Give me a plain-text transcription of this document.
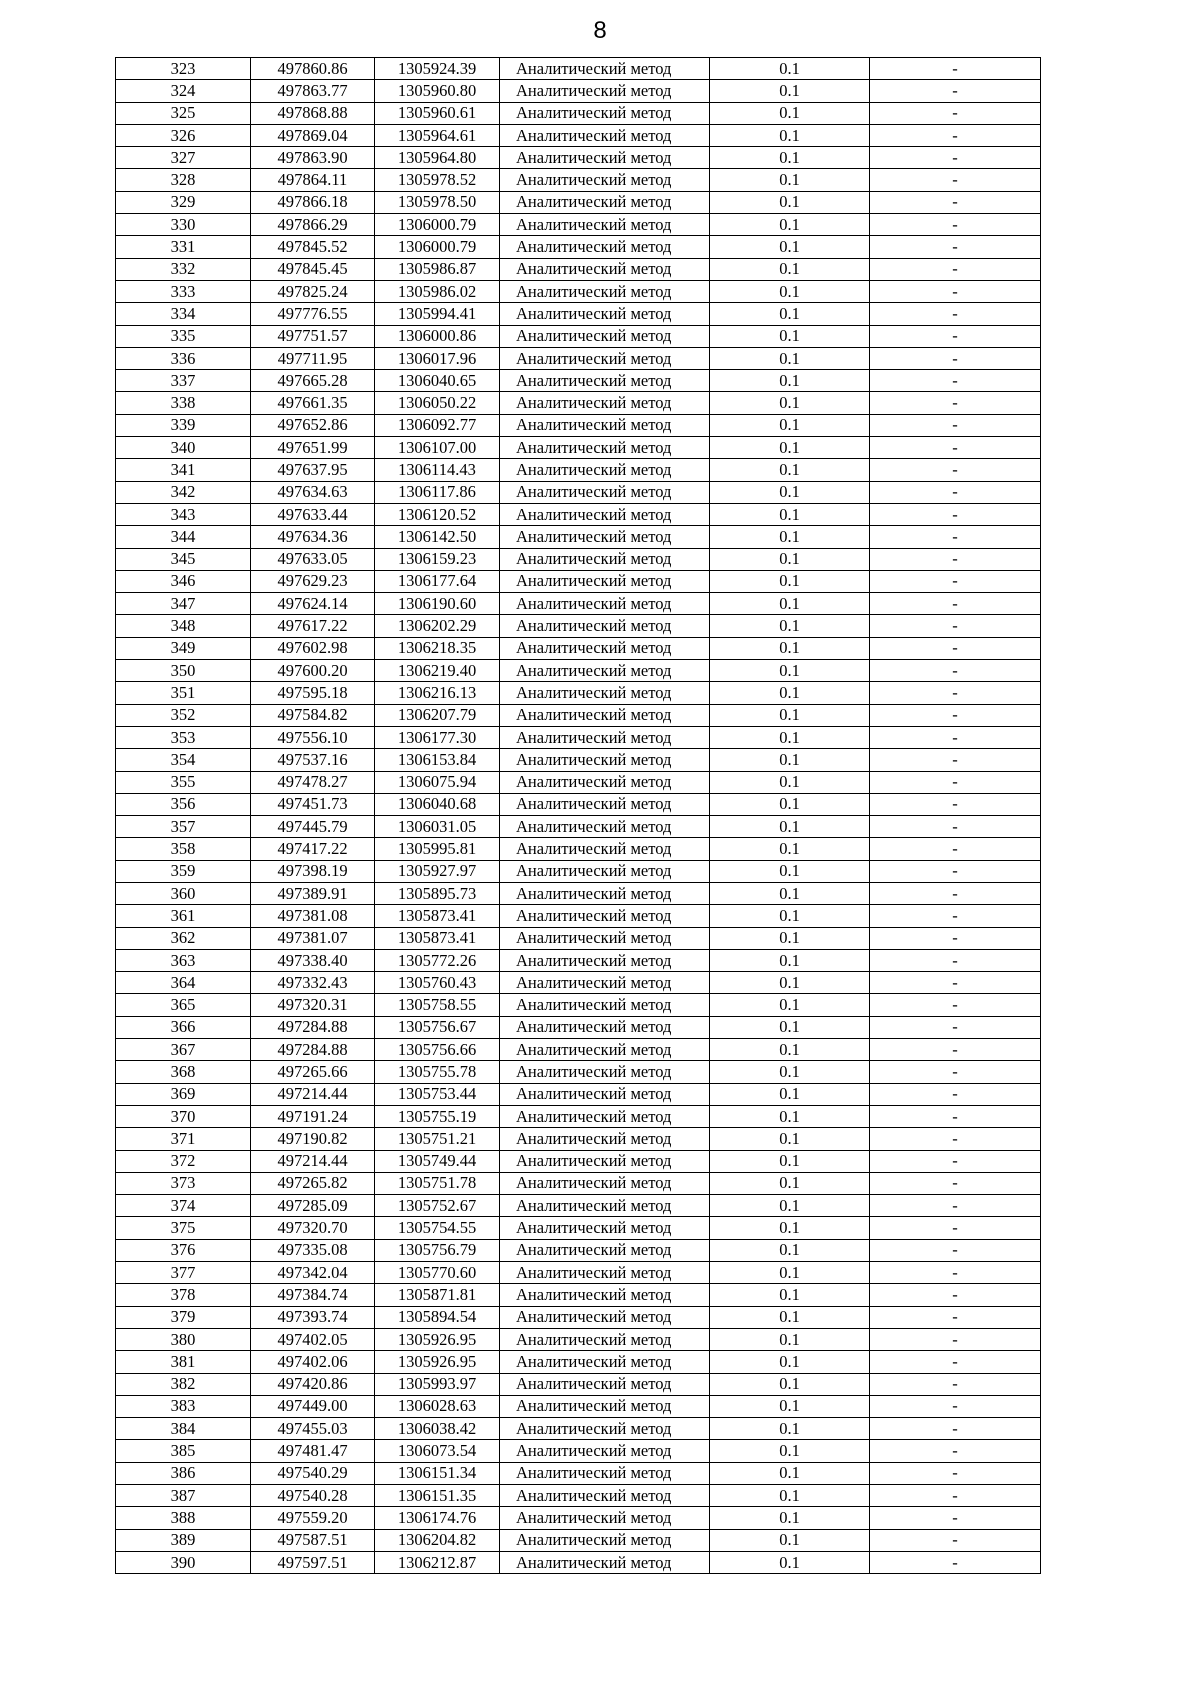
8
323	497860.86	1305924.39	Аналитический метод	0.1	-
324	497863.77	1305960.80	Аналитический метод	0.1	-
325	497868.88	1305960.61	Аналитический метод	0.1	-
326	497869.04	1305964.61	Аналитический метод	0.1	-
327	497863.90	1305964.80	Аналитический метод	0.1	-
328	497864.11	1305978.52	Аналитический метод	0.1	-
329	497866.18	1305978.50	Аналитический метод	0.1	-
330	497866.29	1306000.79	Аналитический метод	0.1	-
331	497845.52	1306000.79	Аналитический метод	0.1	-
332	497845.45	1305986.87	Аналитический метод	0.1	-
333	497825.24	1305986.02	Аналитический метод	0.1	-
334	497776.55	1305994.41	Аналитический метод	0.1	-
335	497751.57	1306000.86	Аналитический метод	0.1	-
336	497711.95	1306017.96	Аналитический метод	0.1	-
337	497665.28	1306040.65	Аналитический метод	0.1	-
338	497661.35	1306050.22	Аналитический метод	0.1	-
339	497652.86	1306092.77	Аналитический метод	0.1	-
340	497651.99	1306107.00	Аналитический метод	0.1	-
341	497637.95	1306114.43	Аналитический метод	0.1	-
342	497634.63	1306117.86	Аналитический метод	0.1	-
343	497633.44	1306120.52	Аналитический метод	0.1	-
344	497634.36	1306142.50	Аналитический метод	0.1	-
345	497633.05	1306159.23	Аналитический метод	0.1	-
346	497629.23	1306177.64	Аналитический метод	0.1	-
347	497624.14	1306190.60	Аналитический метод	0.1	-
348	497617.22	1306202.29	Аналитический метод	0.1	-
349	497602.98	1306218.35	Аналитический метод	0.1	-
350	497600.20	1306219.40	Аналитический метод	0.1	-
351	497595.18	1306216.13	Аналитический метод	0.1	-
352	497584.82	1306207.79	Аналитический метод	0.1	-
353	497556.10	1306177.30	Аналитический метод	0.1	-
354	497537.16	1306153.84	Аналитический метод	0.1	-
355	497478.27	1306075.94	Аналитический метод	0.1	-
356	497451.73	1306040.68	Аналитический метод	0.1	-
357	497445.79	1306031.05	Аналитический метод	0.1	-
358	497417.22	1305995.81	Аналитический метод	0.1	-
359	497398.19	1305927.97	Аналитический метод	0.1	-
360	497389.91	1305895.73	Аналитический метод	0.1	-
361	497381.08	1305873.41	Аналитический метод	0.1	-
362	497381.07	1305873.41	Аналитический метод	0.1	-
363	497338.40	1305772.26	Аналитический метод	0.1	-
364	497332.43	1305760.43	Аналитический метод	0.1	-
365	497320.31	1305758.55	Аналитический метод	0.1	-
366	497284.88	1305756.67	Аналитический метод	0.1	-
367	497284.88	1305756.66	Аналитический метод	0.1	-
368	497265.66	1305755.78	Аналитический метод	0.1	-
369	497214.44	1305753.44	Аналитический метод	0.1	-
370	497191.24	1305755.19	Аналитический метод	0.1	-
371	497190.82	1305751.21	Аналитический метод	0.1	-
372	497214.44	1305749.44	Аналитический метод	0.1	-
373	497265.82	1305751.78	Аналитический метод	0.1	-
374	497285.09	1305752.67	Аналитический метод	0.1	-
375	497320.70	1305754.55	Аналитический метод	0.1	-
376	497335.08	1305756.79	Аналитический метод	0.1	-
377	497342.04	1305770.60	Аналитический метод	0.1	-
378	497384.74	1305871.81	Аналитический метод	0.1	-
379	497393.74	1305894.54	Аналитический метод	0.1	-
380	497402.05	1305926.95	Аналитический метод	0.1	-
381	497402.06	1305926.95	Аналитический метод	0.1	-
382	497420.86	1305993.97	Аналитический метод	0.1	-
383	497449.00	1306028.63	Аналитический метод	0.1	-
384	497455.03	1306038.42	Аналитический метод	0.1	-
385	497481.47	1306073.54	Аналитический метод	0.1	-
386	497540.29	1306151.34	Аналитический метод	0.1	-
387	497540.28	1306151.35	Аналитический метод	0.1	-
388	497559.20	1306174.76	Аналитический метод	0.1	-
389	497587.51	1306204.82	Аналитический метод	0.1	-
390	497597.51	1306212.87	Аналитический метод	0.1	-
